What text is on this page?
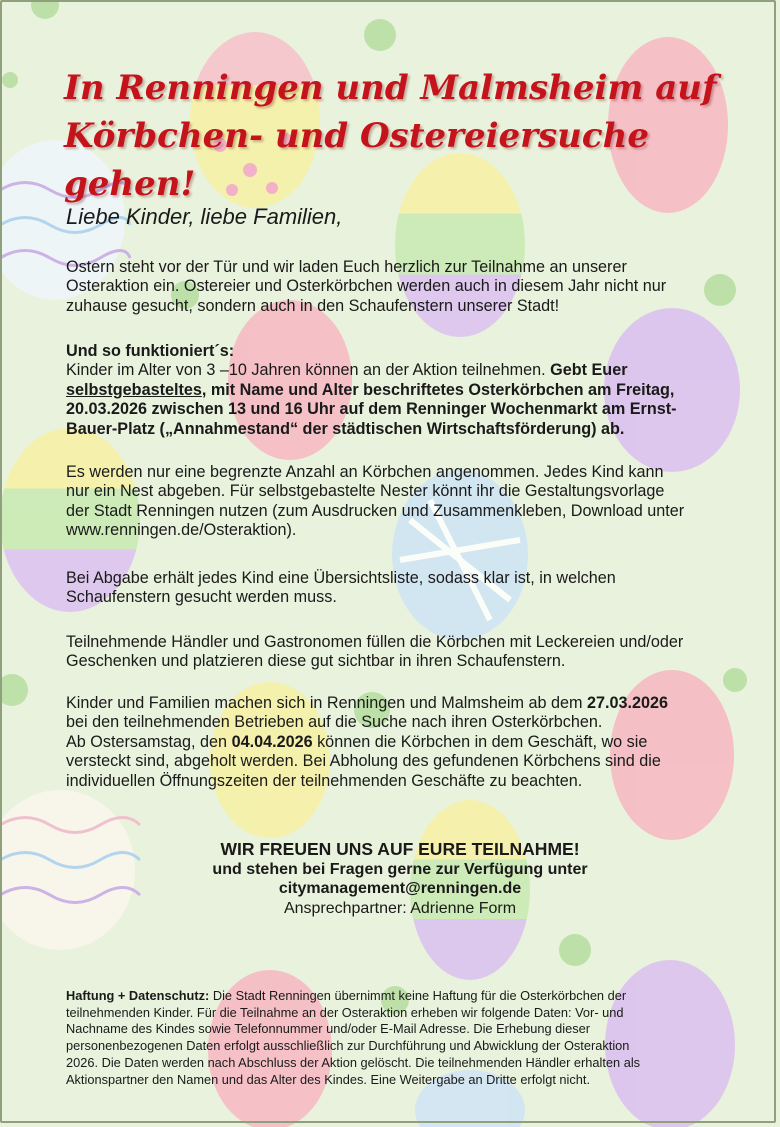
In Renningen und Malmsheim auf
Körbchen- und Ostereiersuche gehen!
Liebe Kinder, liebe Familien,
Ostern steht vor der Tür und wir laden Euch herzlich zur Teilnahme an unserer
Osteraktion ein. Ostereier und Osterkörbchen werden auch in diesem Jahr nicht nur
zuhause gesucht, sondern auch in den Schaufenstern unserer Stadt!
Und so funktioniert´s:
Kinder im Alter von 3 –10 Jahren können an der Aktion teilnehmen. Gebt Euer
selbstgebasteltes, mit Name und Alter beschriftetes Osterkörbchen am Freitag,
20.03.2026 zwischen 13 und 16 Uhr auf dem Renninger Wochenmarkt am Ernst-
Bauer-Platz („Annahmestand“ der städtischen Wirtschaftsförderung) ab.
Es werden nur eine begrenzte Anzahl an Körbchen angenommen. Jedes Kind kann
nur ein Nest abgeben. Für selbstgebastelte Nester könnt ihr die Gestaltungsvorlage
der Stadt Renningen nutzen (zum Ausdrucken und Zusammenkleben, Download unter
www.renningen.de/Osteraktion).
Bei Abgabe erhält jedes Kind eine Übersichtsliste, sodass klar ist, in welchen
Schaufenstern gesucht werden muss.
Teilnehmende Händler und Gastronomen füllen die Körbchen mit Leckereien und/oder
Geschenken und platzieren diese gut sichtbar in ihren Schaufenstern.
Kinder und Familien machen sich in Renningen und Malmsheim ab dem 27.03.2026
bei den teilnehmenden Betrieben auf die Suche nach ihren Osterkörbchen.
Ab Ostersamstag, den 04.04.2026 können die Körbchen in dem Geschäft, wo sie
versteckt sind, abgeholt werden. Bei Abholung des gefundenen Körbchens sind die
individuellen Öffnungszeiten der teilnehmenden Geschäfte zu beachten.
WIR FREUEN UNS AUF EURE TEILNAHME!
und stehen bei Fragen gerne zur Verfügung unter
citymanagement@renningen.de
Ansprechpartner: Adrienne Form
Haftung + Datenschutz: Die Stadt Renningen übernimmt keine Haftung für die Osterkörbchen der
teilnehmenden Kinder. Für die Teilnahme an der Osteraktion erheben wir folgende Daten: Vor- und
Nachname des Kindes sowie Telefonnummer und/oder E-Mail Adresse. Die Erhebung dieser
personenbezogenen Daten erfolgt ausschließlich zur Durchführung und Abwicklung der Osteraktion
2026. Die Daten werden nach Abschluss der Aktion gelöscht. Die teilnehmenden Händler erhalten als
Aktionspartner den Namen und das Alter des Kindes. Eine Weitergabe an Dritte erfolgt nicht.
